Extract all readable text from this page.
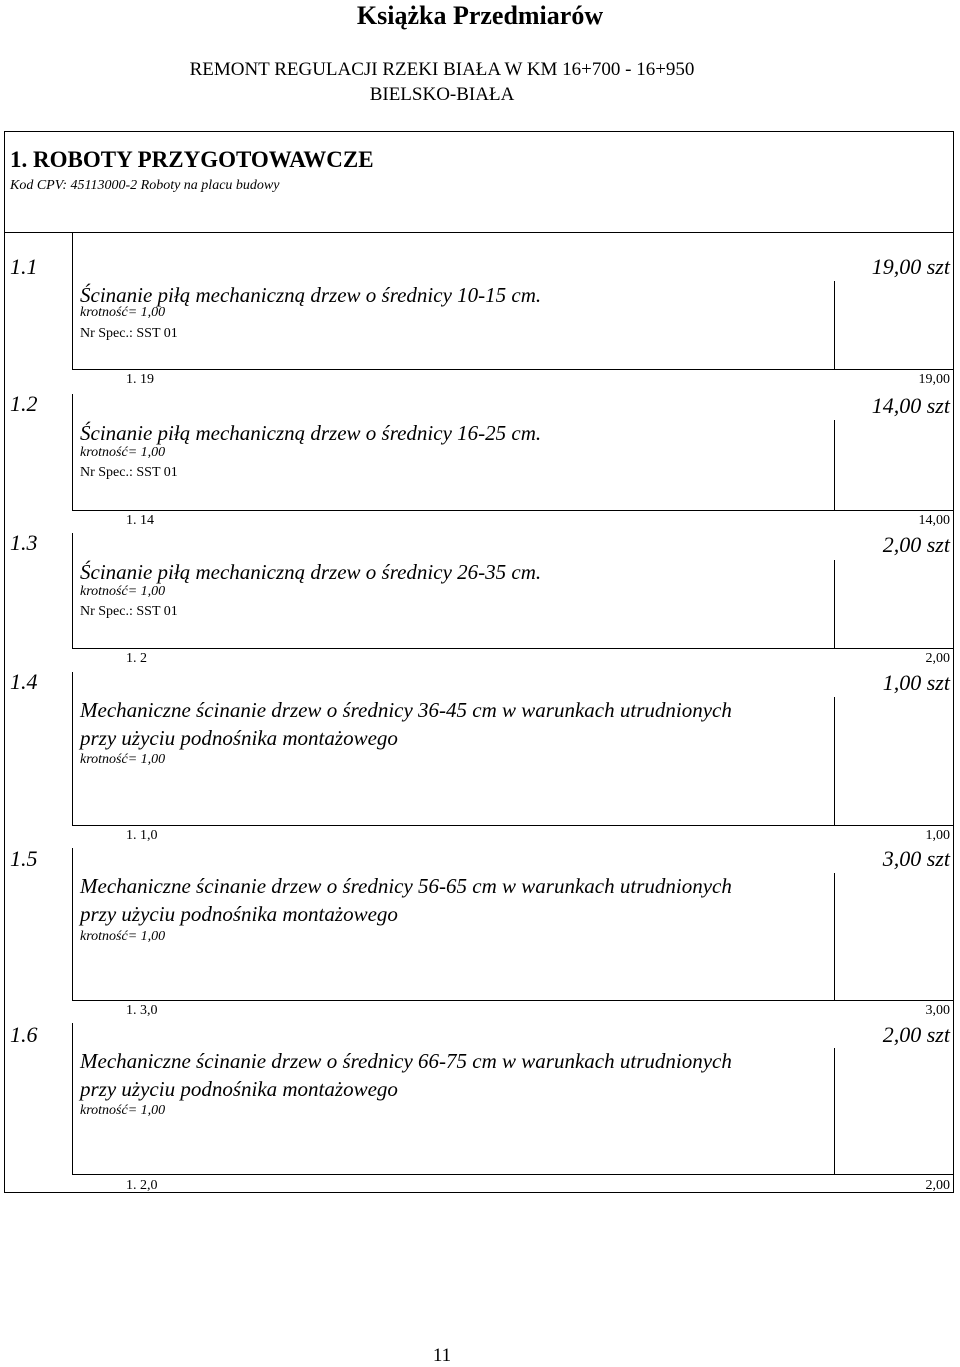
Książka Przedmiarów
REMONT REGULACJI RZEKI BIAŁA W KM 16+700 - 16+950
BIELSKO-BIAŁA
1. ROBOTY PRZYGOTOWAWCZE
Kod CPV: 45113000-2 Roboty na placu budowy
1.1	19,00 szt
Ścinanie piłą mechaniczną drzew o średnicy 10-15 cm.
krotność= 1,00
Nr Spec.: SST 01
1. 19	19,00
1.2	14,00 szt
Ścinanie piłą mechaniczną drzew o średnicy 16-25 cm.
krotność= 1,00
Nr Spec.: SST 01
1. 14	14,00
1.3	2,00 szt
Ścinanie piłą mechaniczną drzew o średnicy 26-35 cm.
krotność= 1,00
Nr Spec.: SST 01
1. 2	2,00
1.4	1,00 szt
Mechaniczne ścinanie drzew o średnicy 36-45 cm w warunkach utrudnionych
przy użyciu podnośnika montażowego
krotność= 1,00
1. 1,0	1,00
1.5	3,00 szt
Mechaniczne ścinanie drzew o średnicy 56-65 cm w warunkach utrudnionych
przy użyciu podnośnika montażowego
krotność= 1,00
1. 3,0	3,00
1.6	2,00 szt
Mechaniczne ścinanie drzew o średnicy 66-75 cm w warunkach utrudnionych
przy użyciu podnośnika montażowego
krotność= 1,00
1. 2,0	2,00
11
